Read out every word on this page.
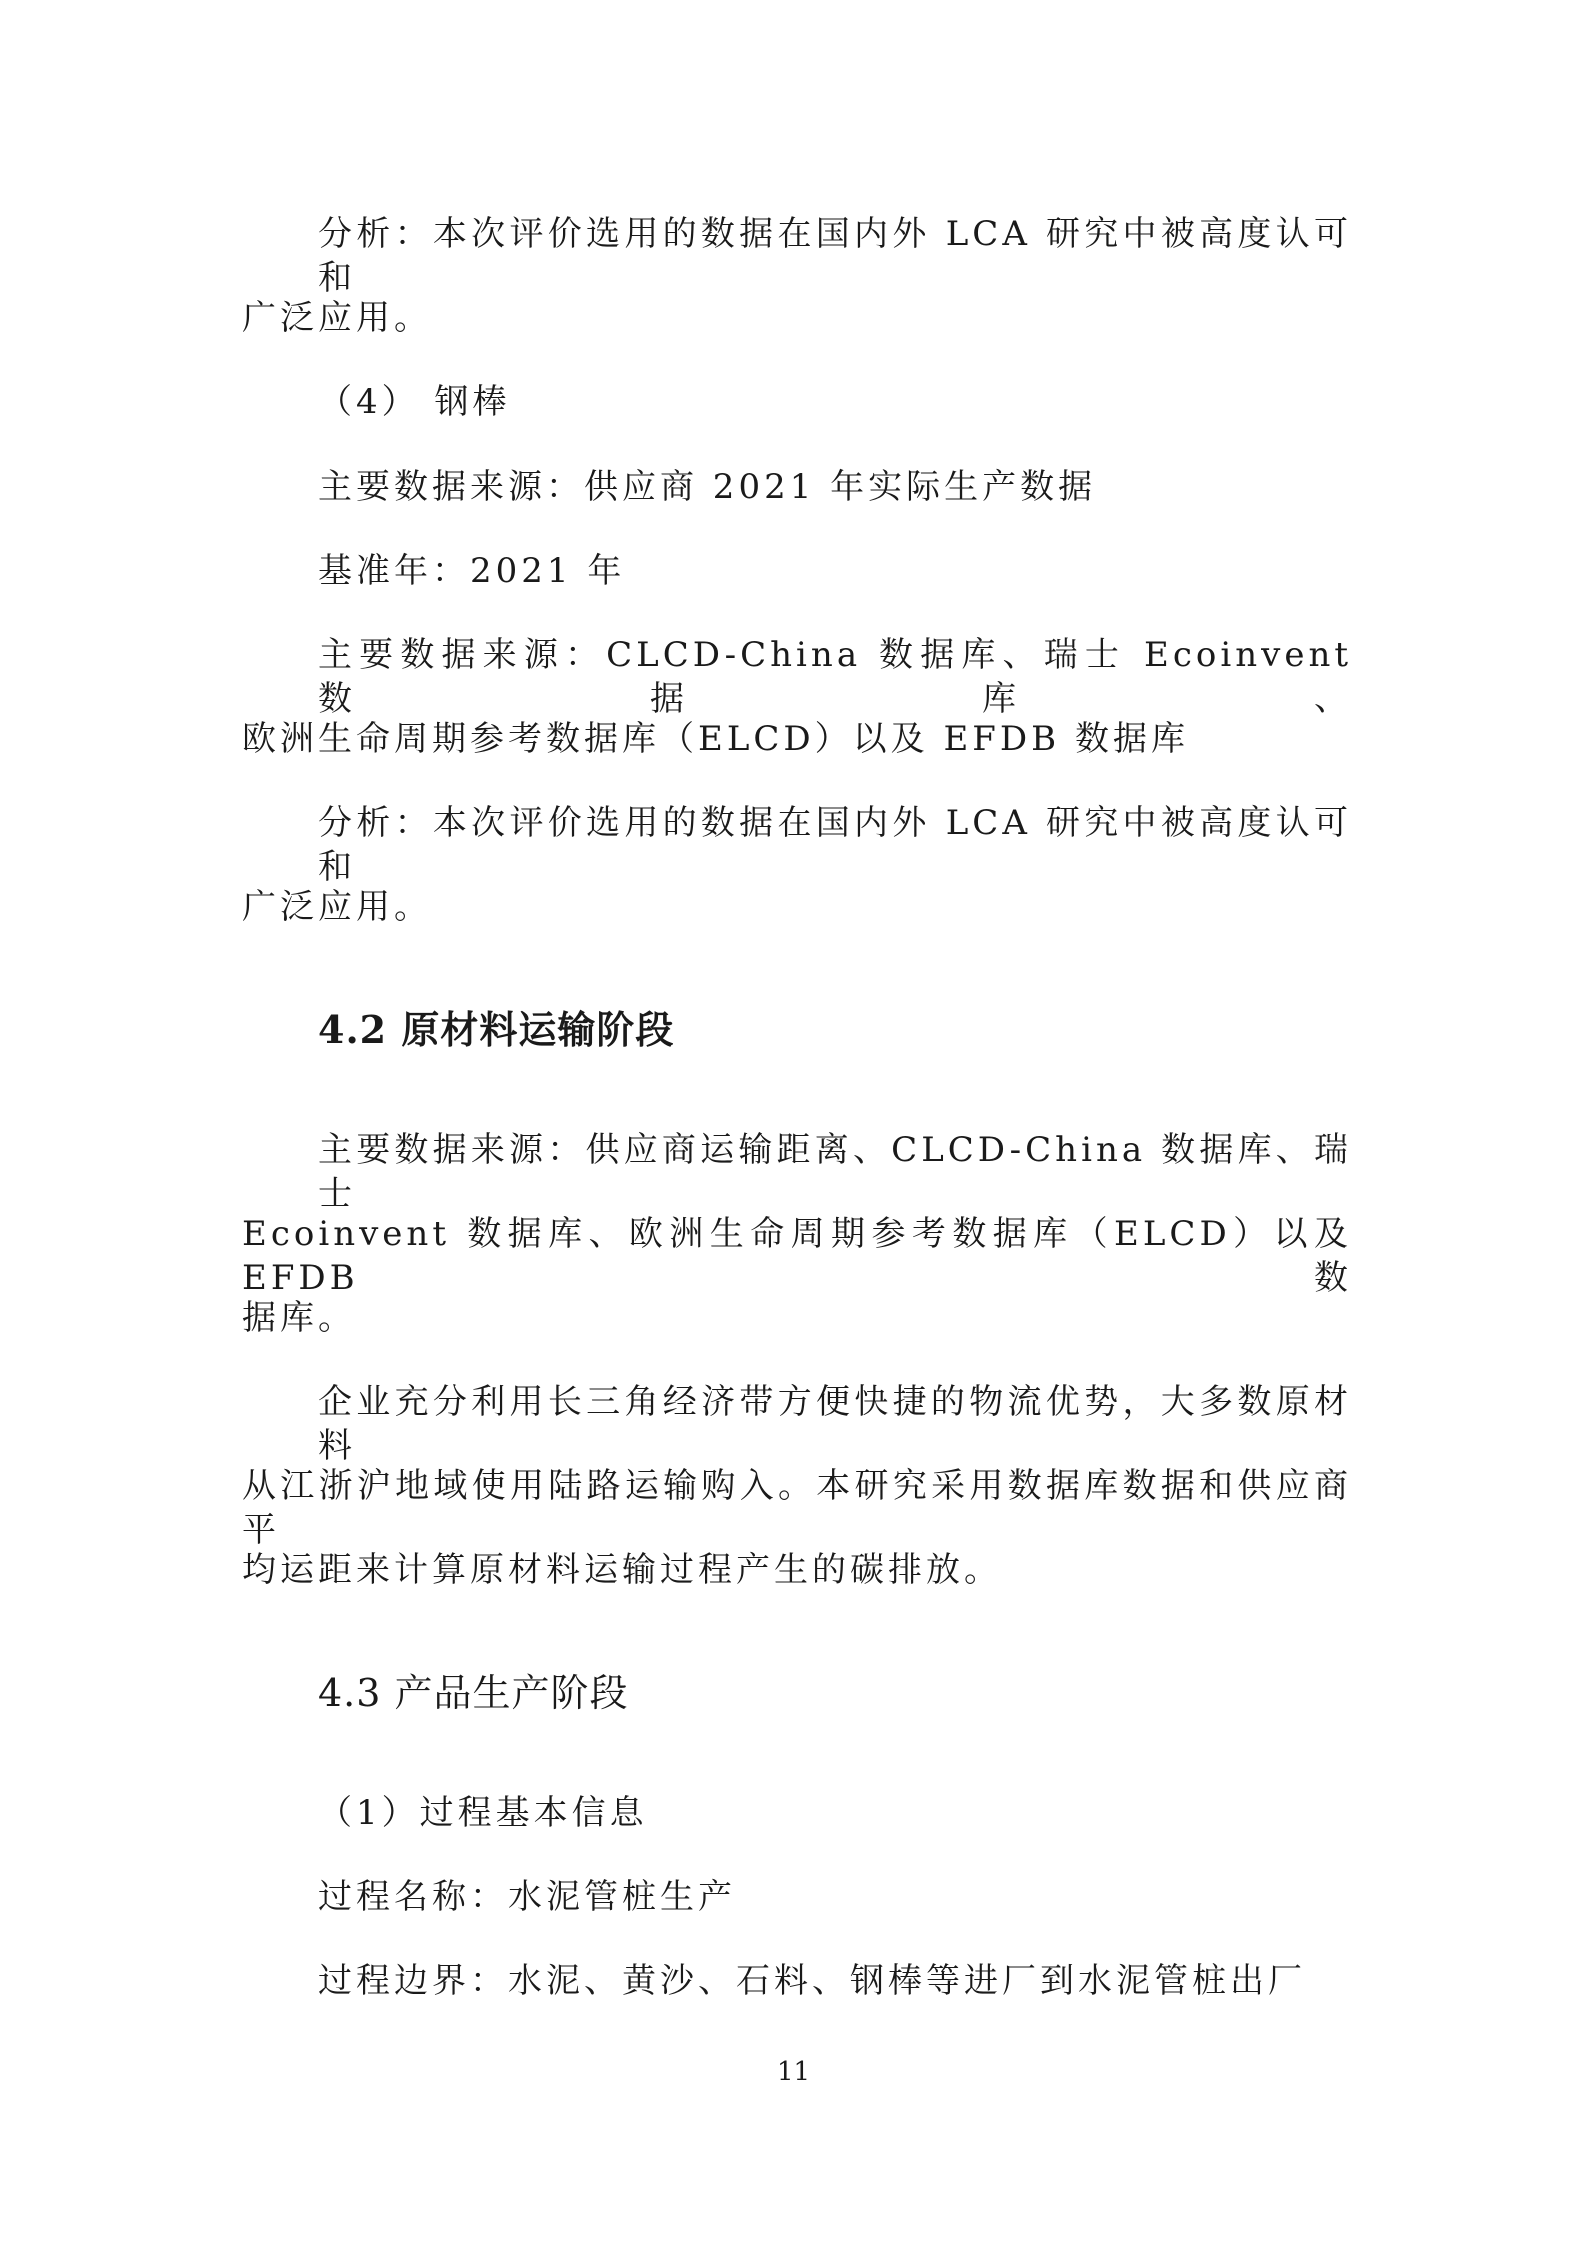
分析：本次评价选用的数据在国内外 LCA 研究中被高度认可和
广泛应用。
（4） 钢棒
主要数据来源：供应商 2021 年实际生产数据
基准年：2021 年
主要数据来源：CLCD-China 数据库、瑞士 Ecoinvent 数据库、
欧洲生命周期参考数据库（ELCD）以及 EFDB 数据库
分析：本次评价选用的数据在国内外 LCA 研究中被高度认可和
广泛应用。
4.2 原材料运输阶段
主要数据来源：供应商运输距离、CLCD-China 数据库、瑞士
Ecoinvent 数据库、欧洲生命周期参考数据库（ELCD）以及 EFDB 数
据库。
企业充分利用长三角经济带方便快捷的物流优势，大多数原材料
从江浙沪地域使用陆路运输购入。本研究采用数据库数据和供应商平
均运距来计算原材料运输过程产生的碳排放。
4.3 产品生产阶段
（1）过程基本信息
过程名称：水泥管桩生产
过程边界：水泥、黄沙、石料、钢棒等进厂到水泥管桩出厂
11
